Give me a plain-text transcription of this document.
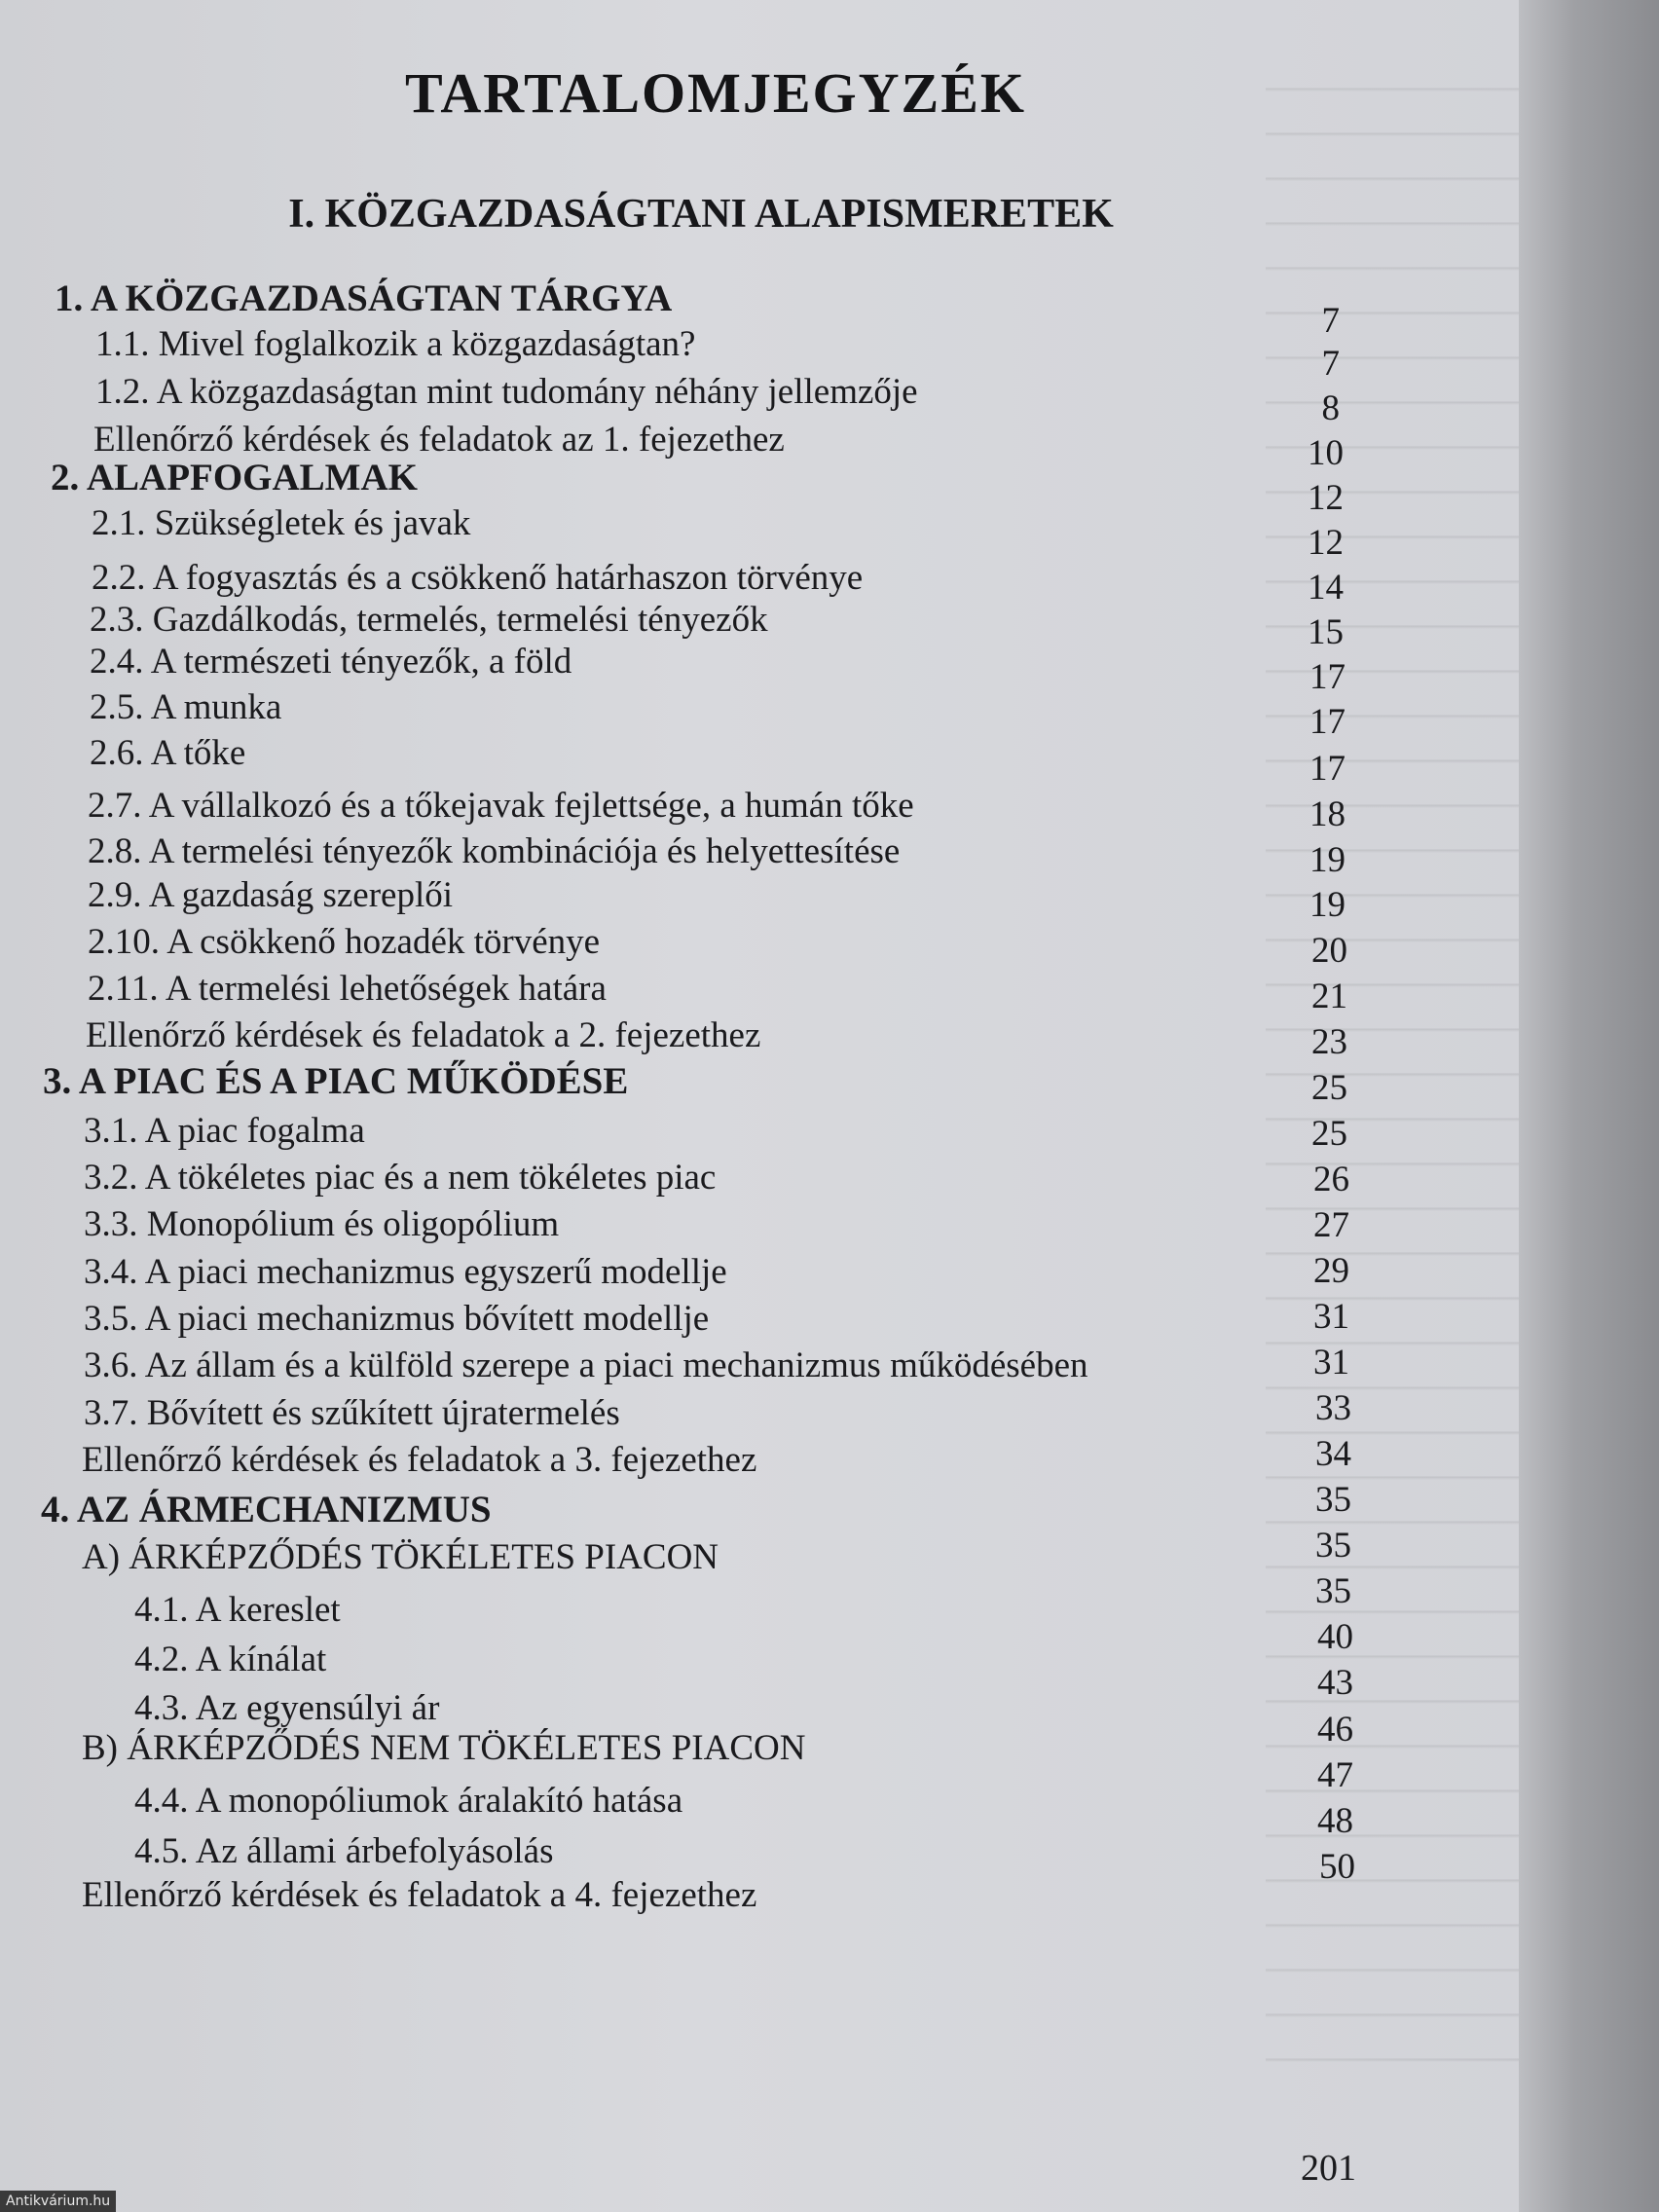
TARTALOMJEGYZÉK
I. KÖZGAZDASÁGTANI ALAPISMERETEK
1. A KÖZGAZDASÁGTAN TÁRGYA
1.1. Mivel foglalkozik a közgazdaságtan?
1.2. A közgazdaságtan mint tudomány néhány jellemzője
Ellenőrző kérdések és feladatok az 1. fejezethez
2. ALAPFOGALMAK
2.1. Szükségletek és javak
2.2. A fogyasztás és a csökkenő határhaszon törvénye
2.3. Gazdálkodás, termelés, termelési tényezők
2.4. A természeti tényezők, a föld
2.5. A munka
2.6. A tőke
2.7. A vállalkozó és a tőkejavak fejlettsége, a humán tőke
2.8. A termelési tényezők kombinációja és helyettesítése
2.9. A gazdaság szereplői
2.10. A csökkenő hozadék törvénye
2.11. A termelési lehetőségek határa
Ellenőrző kérdések és feladatok a 2. fejezethez
3. A PIAC ÉS A PIAC MŰKÖDÉSE
3.1. A piac fogalma
3.2. A tökéletes piac és a nem tökéletes piac
3.3. Monopólium és oligopólium
3.4. A piaci mechanizmus egyszerű modellje
3.5. A piaci mechanizmus bővített modellje
3.6. Az állam és a külföld szerepe a piaci mechanizmus működésében
3.7. Bővített és szűkített újratermelés
Ellenőrző kérdések és feladatok a 3. fejezethez
4. AZ ÁRMECHANIZMUS
A) ÁRKÉPZŐDÉS TÖKÉLETES PIACON
4.1. A kereslet
4.2. A kínálat
4.3. Az egyensúlyi ár
B) ÁRKÉPZŐDÉS NEM TÖKÉLETES PIACON
4.4. A monopóliumok áralakító hatása
4.5. Az állami árbefolyásolás
Ellenőrző kérdések és feladatok a 4. fejezethez
7
7
8
10
12
12
14
15
17
17
17
18
19
19
20
21
23
25
25
26
27
29
31
31
33
34
35
35
35
40
43
46
47
48
50
201
Antikvárium.hu
